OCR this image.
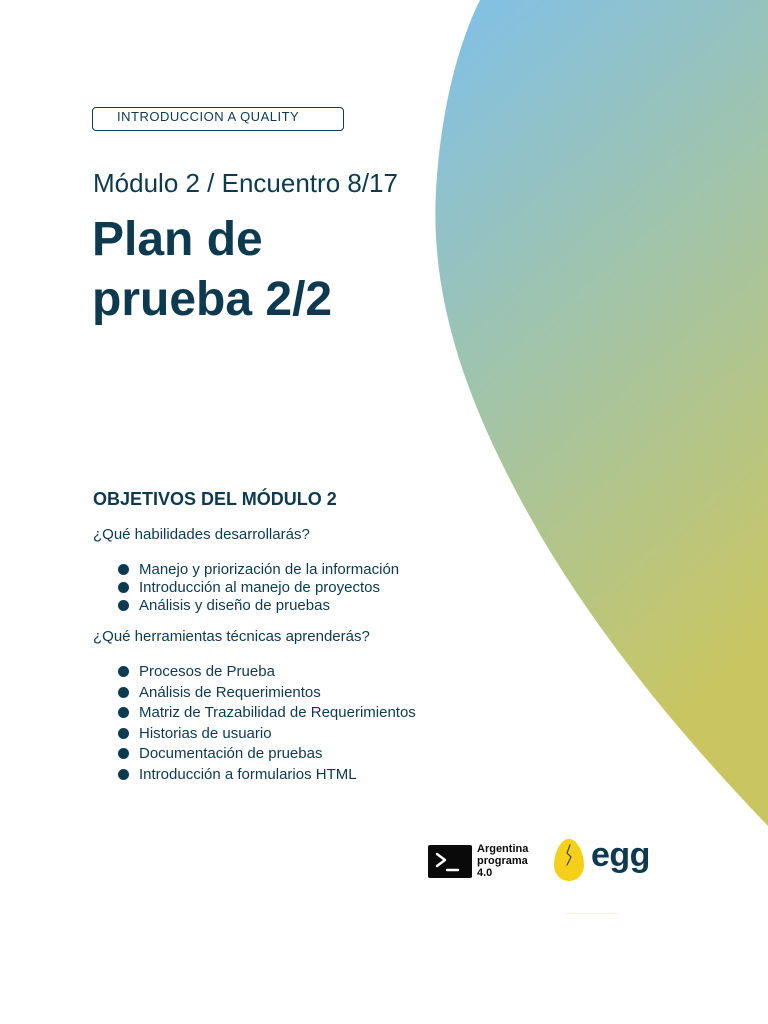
INTRODUCCION A QUALITY
Módulo 2 / Encuentro 8/17
Plan de
prueba 2/2
OBJETIVOS DEL MÓDULO 2
¿Qué habilidades desarrollarás?
Manejo y priorización de la información
Introducción al manejo de proyectos
Análisis y diseño de pruebas
¿Qué herramientas técnicas aprenderás?
Procesos de Prueba
Análisis de Requerimientos
Matriz de Trazabilidad de Requerimientos
Historias de usuario
Documentación de pruebas
Introducción a formularios HTML
Argentina
programa
4.0	egg
